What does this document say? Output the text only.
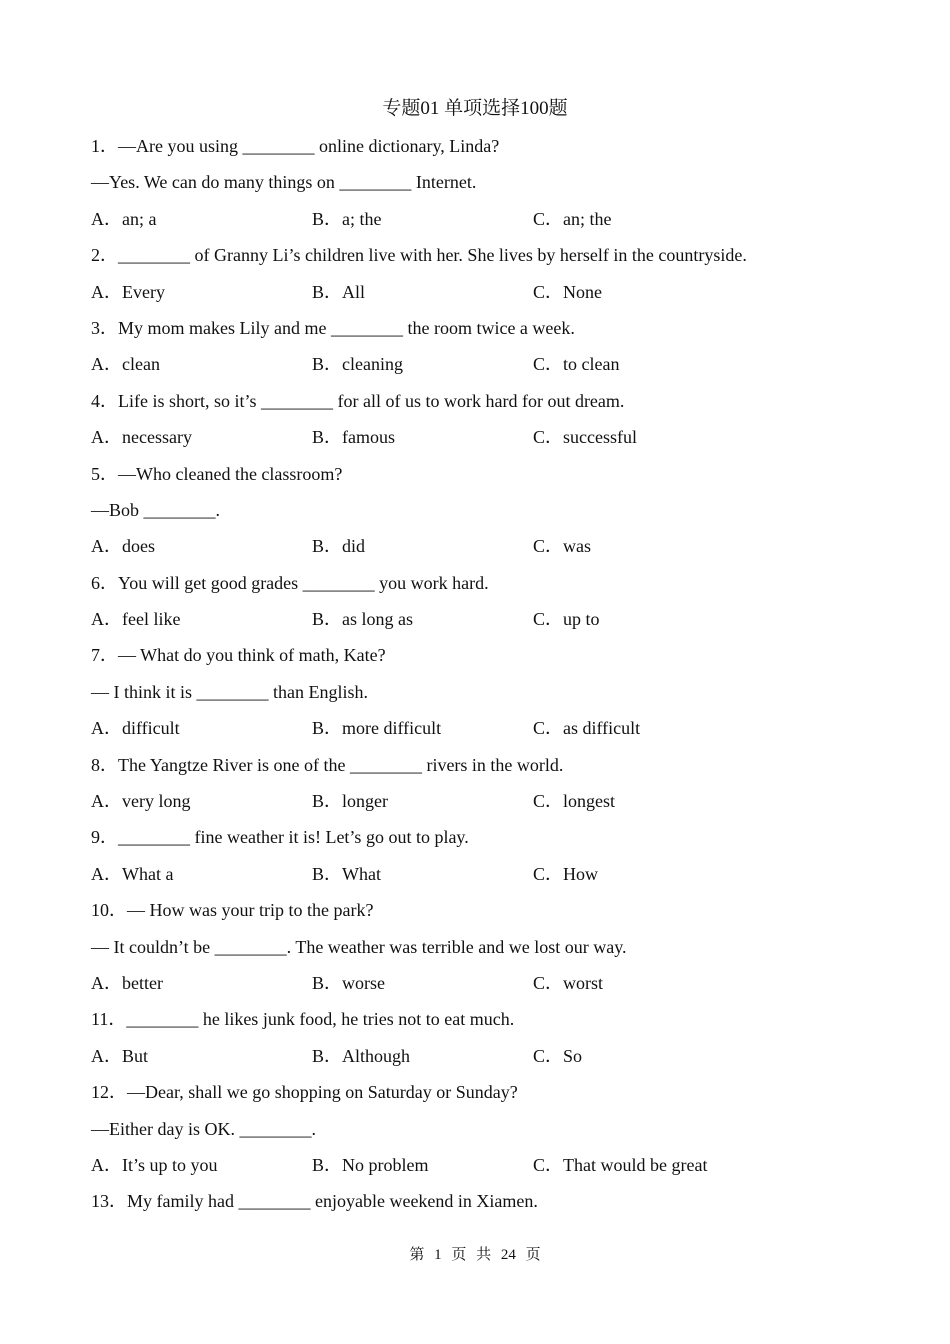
专题01 单项选择100题
1．—Are you using ________ online dictionary, Linda?
—Yes. We can do many things on ________ Internet.
A．an; a	B．a; the	C．an; the
2．________ of Granny Li’s children live with her. She lives by herself in the countryside.
A．Every	B．All	C．None
3．My mom makes Lily and me ________ the room twice a week.
A．clean	B．cleaning	C．to clean
4．Life is short, so it’s ________ for all of us to work hard for out dream.
A．necessary	B．famous	C．successful
5．—Who cleaned the classroom?
—Bob ________.
A．does	B．did	C．was
6．You will get good grades ________ you work hard.
A．feel like	B．as long as	C．up to
7．— What do you think of math, Kate?
— I think it is ________ than English.
A．difficult	B．more difficult	C．as difficult
8．The Yangtze River is one of the ________ rivers in the world.
A．very long	B．longer	C．longest
9．________ fine weather it is! Let’s go out to play.
A．What a	B．What	C．How
10．— How was your trip to the park?
— It couldn’t be ________. The weather was terrible and we lost our way.
A．better	B．worse	C．worst
11．________ he likes junk food, he tries not to eat much.
A．But	B．Although	C．So
12．—Dear, shall we go shopping on Saturday or Sunday?
—Either day is OK. ________.
A．It’s up to you	B．No problem	C．That would be great
13．My family had ________ enjoyable weekend in Xiamen.
第 1 页 共 24 页
